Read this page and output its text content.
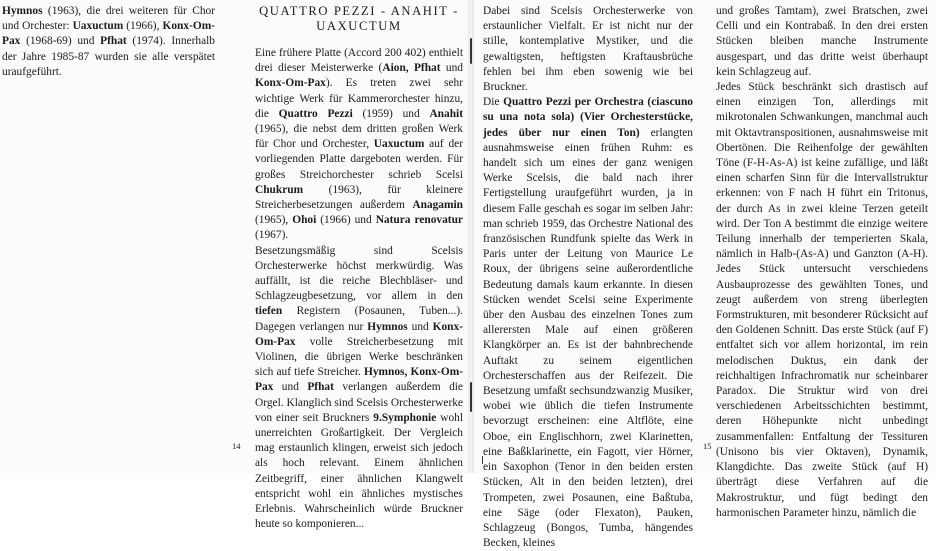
Hymnos (1963), die drei weiteren für Chor und Orchester: Uaxuctum (1966), Konx-Om-Pax (1968-69) und Pfhat (1974). Innerhalb der Jahre 1985-87 wurden sie alle verspätet uraufgeführt.

QUATTRO PEZZI - ANAHIT -
UAXUCTUM

Eine frühere Platte (Accord 200 402) enthielt drei dieser Meisterwerke (Aion, Pfhat und Konx-Om-Pax). Es treten zwei sehr wichtige Werk für Kammerorchester hinzu, die Quattro Pezzi (1959) und Anahit (1965), die nebst dem dritten großen Werk für Chor und Orchester, Uaxuctum auf der vorliegenden Platte dargeboten werden. Für großes Streichorchester schrieb Scelsi Chukrum (1963), für kleinere Streicherbesetzungen außerdem Anagamin (1965), Ohoi (1966) und Natura renovatur (1967).

Besetzungsmäßig sind Scelsis Orchesterwerke höchst merkwürdig. Was auffällt, ist die reiche Blechbläser- und Schlagzeugbesetzung, vor allem in den tiefen Registern (Posaunen, Tuben...). Dagegen verlangen nur Hymnos und Konx-Om-Pax volle Streicherbesetzung mit Violinen, die übrigen Werke beschränken sich auf tiefe Streicher. Hymnos, Konx-Om-Pax und Pfhat verlangen außerdem die Orgel. Klanglich sind Scelsis Orchesterwerke von einer seit Bruckners 9.Symphonie wohl unerreichten Großartigkeit. Der Vergleich mag erstaunlich klingen, erweist sich jedoch als hoch relevant. Einem ähnlichen Zeitbegriff, einer ähnlichen Klangwelt entspricht wohl ein ähnliches mystisches Erlebnis. Wahrscheinlich würde Bruckner heute so komponieren...

14

Dabei sind Scelsis Orchesterwerke von erstaunlicher Vielfalt. Er ist nicht nur der stille, kontemplative Mystiker, und die gewaltigsten, heftigsten Kraftausbrüche fehlen bei ihm eben sowenig wie bei Bruckner.

Die Quattro Pezzi per Orchestra (ciascuno su una nota sola) (Vier Orchesterstücke, jedes über nur einen Ton) erlangten ausnahmsweise einen frühen Ruhm: es handelt sich um eines der ganz wenigen Werke Scelsis, die bald nach ihrer Fertigstellung uraufgeführt wurden, ja in diesem Falle geschah es sogar im selben Jahr: man schrieb 1959, das Orchestre National des französischen Rundfunk spielte das Werk in Paris unter der Leitung von Maurice Le Roux, der übrigens seine außerordentliche Bedeutung damals kaum erkannte. In diesen Stücken wendet Scelsi seine Experimente über den Ausbau des einzelnen Tones zum allerersten Male auf einen größeren Klangkörper an. Es ist der bahnbrechende Auftakt zu seinem eigentlichen Orchesterschaffen aus der Reifezeit. Die Besetzung umfaßt sechsundzwanzig Musiker, wobei wie üblich die tiefen Instrumente bevorzugt erscheinen: eine Altflöte, eine Oboe, ein Englischhorn, zwei Klarinetten, eine Baßklarinette, ein Fagott, vier Hörner, ein Saxophon (Tenor in den beiden ersten Stücken, Alt in den beiden letzten), drei Trompeten, zwei Posaunen, eine Baßtuba, eine Säge (oder Flexaton), Pauken, Schlagzeug (Bongos, Tumba, hängendes Becken, kleines

und großes Tamtam), zwei Bratschen, zwei Celli und ein Kontrabaß. In den drei ersten Stücken bleiben manche Instrumente ausgespart, und das dritte weist überhaupt kein Schlagzeug auf.

Jedes Stück beschränkt sich drastisch auf einen einzigen Ton, allerdings mit mikrotonalen Schwankungen, manchmal auch mit Oktavtranspositionen, ausnahmsweise mit Obertönen. Die Reihenfolge der gewählten Töne (F-H-As-A) ist keine zufällige, und läßt einen scharfen Sinn für die Intervallstruktur erkennen: von F nach H führt ein Tritonus, der durch As in zwei kleine Terzen geteilt wird. Der Ton A bestimmt die einzige weitere Teilung innerhalb der temperierten Skala, nämlich in Halb-(As-A) und Ganzton (A-H). Jedes Stück untersucht verschiedens Ausbauprozesse des gewählten Tones, und zeugt außerdem von streng überlegten Formstrukturen, mit besonderer Rücksicht auf den Goldenen Schnitt. Das erste Stück (auf F) entfaltet sich vor allem horizontal, im rein melodischen Duktus, ein dank der reichhaltigen Infrachromatik nur scheinbarer Paradox. Die Struktur wird von drei verschiedenen Arbeitsschichten bestimmt, deren Höhepunkte nicht unbedingt zusammenfallen: Entfaltung der Tessituren (Unisono bis vier Oktaven), Dynamik, Klangdichte. Das zweite Stück (auf H) überträgt diese Verfahren auf die Makrostruktur, und fügt bedingt den harmonischen Parameter hinzu, nämlich die

15
